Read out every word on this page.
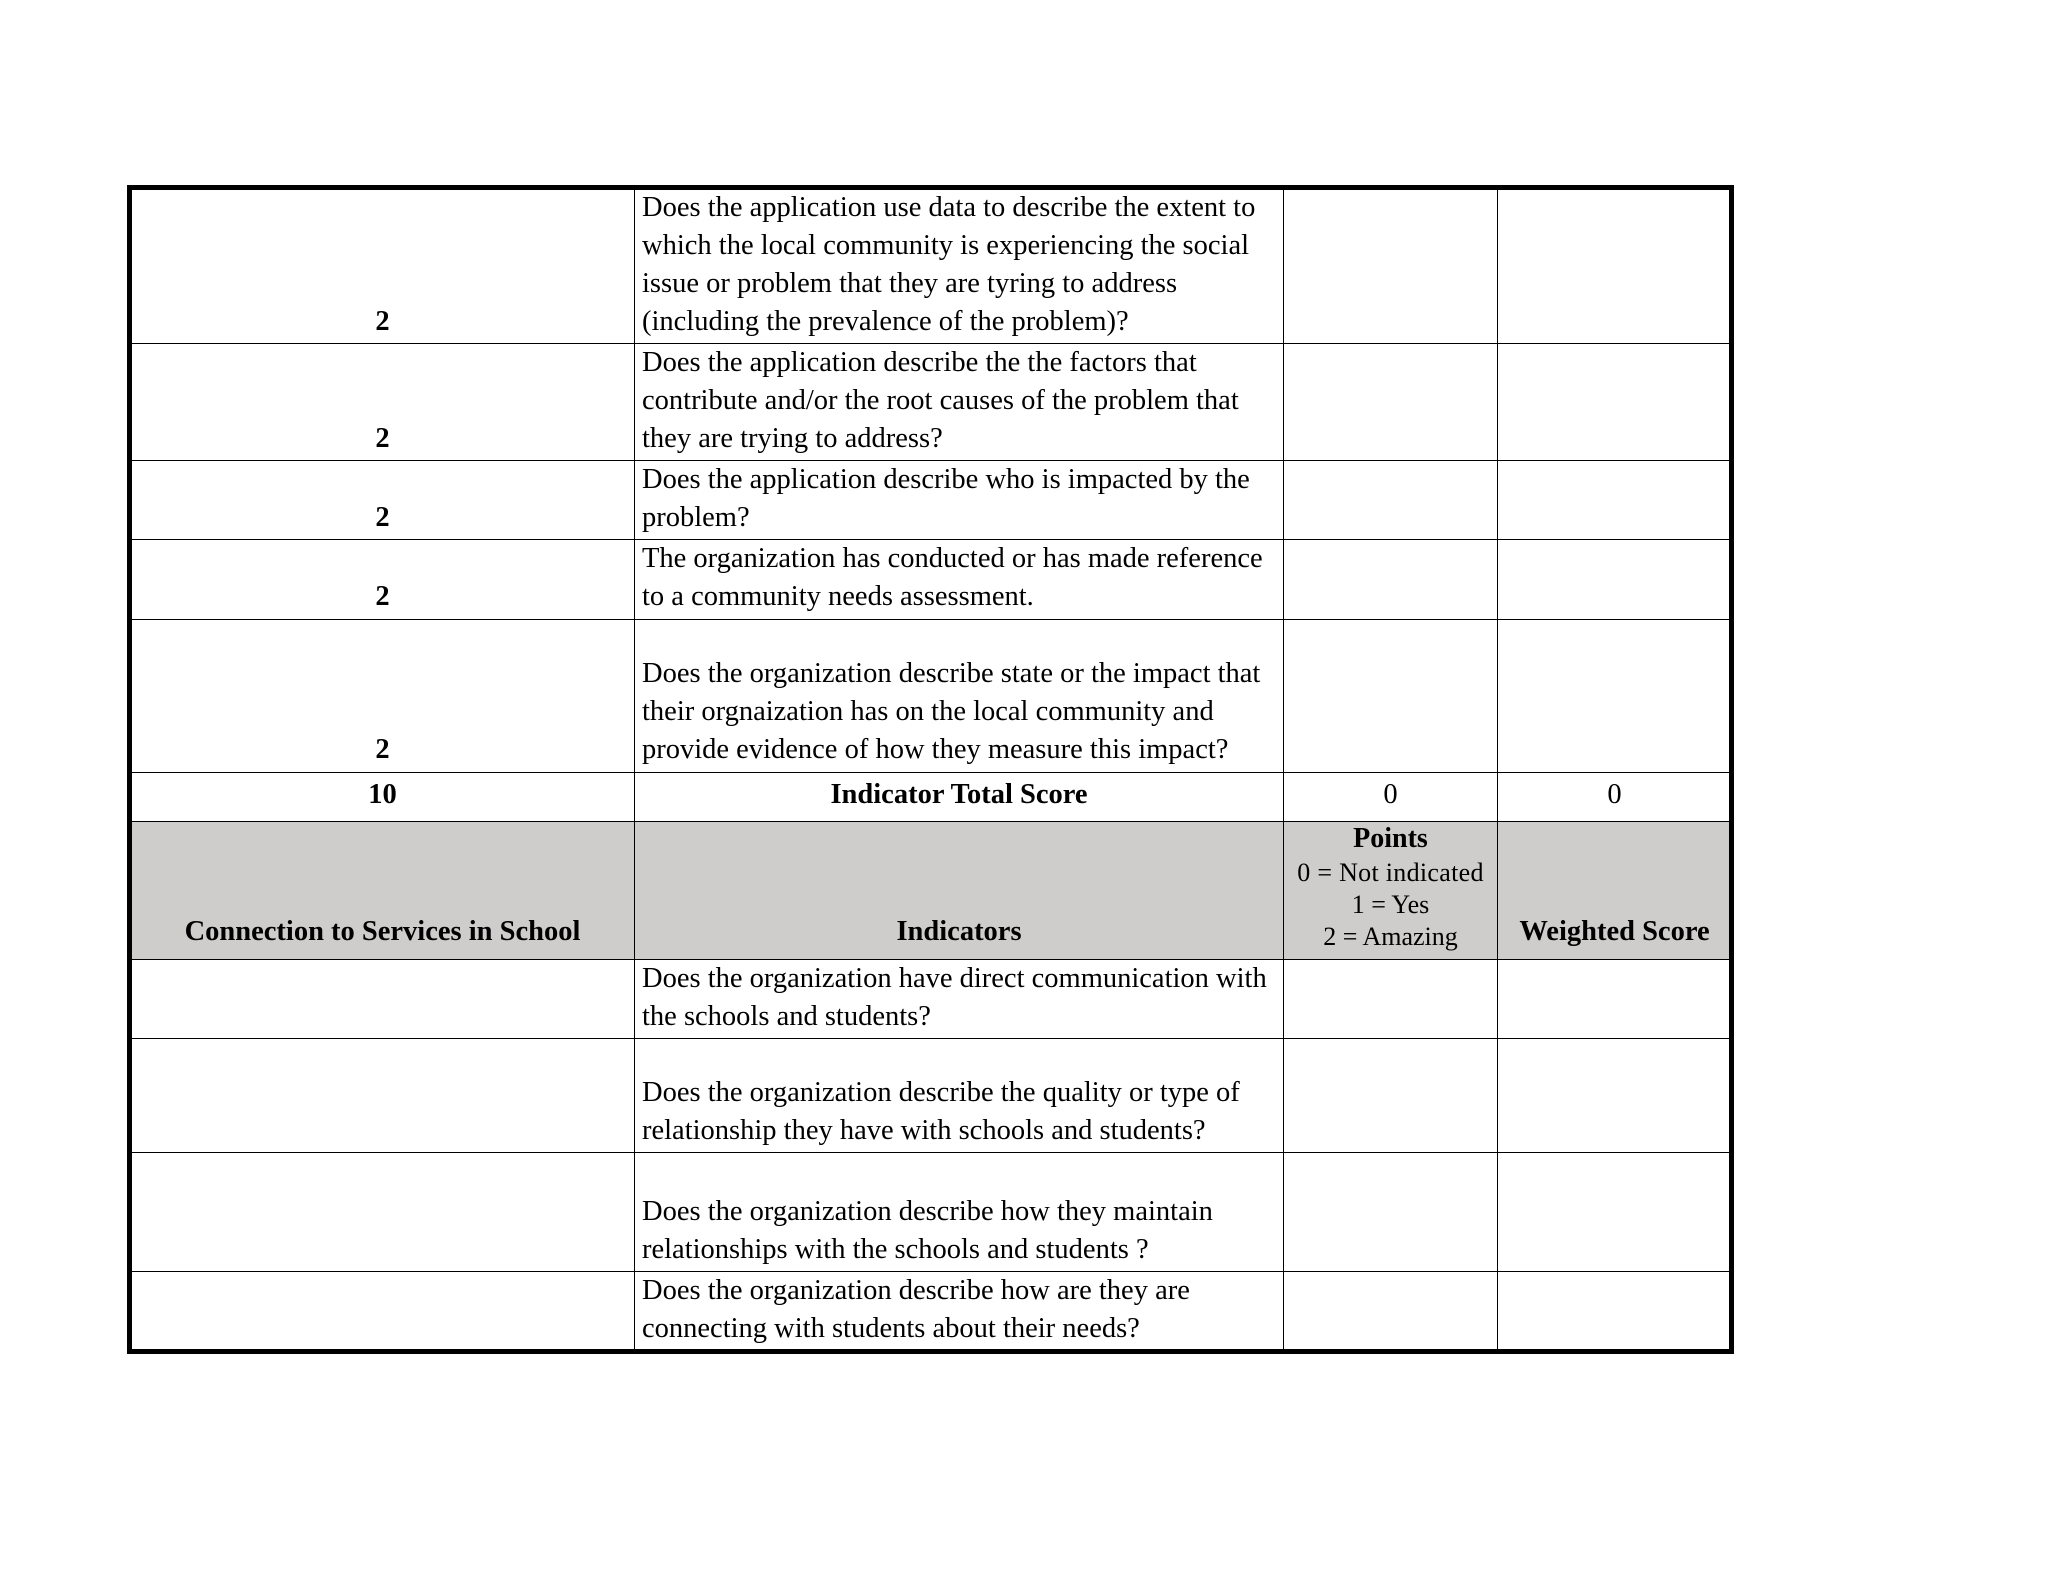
2	Does the application use data to describe the extent to which the local community is experiencing the social issue or problem that they are tyring to address (including the prevalence of the problem)?		
2	Does the application describe the the factors that contribute and/or the root causes of the problem that they are trying to address?		
2	Does the application describe who is impacted by the problem?		
2	The organization has conducted or has made reference to a community needs assessment.		
2	Does the organization describe state or the impact that their orgnaization has on the local community and provide evidence of how they measure this impact?		
10	Indicator Total Score	0	0
Connection to Services in School	Indicators	Points
0 = Not indicated
1 = Yes
2 = Amazing	Weighted Score
	Does the organization have direct communication with the schools and students?		
	Does the organization describe the quality or type of relationship they have with schools and students?		
	Does the organization describe how they maintain relationships with the schools and students ?		
	Does the organization describe how are they are connecting with students about their needs?		
